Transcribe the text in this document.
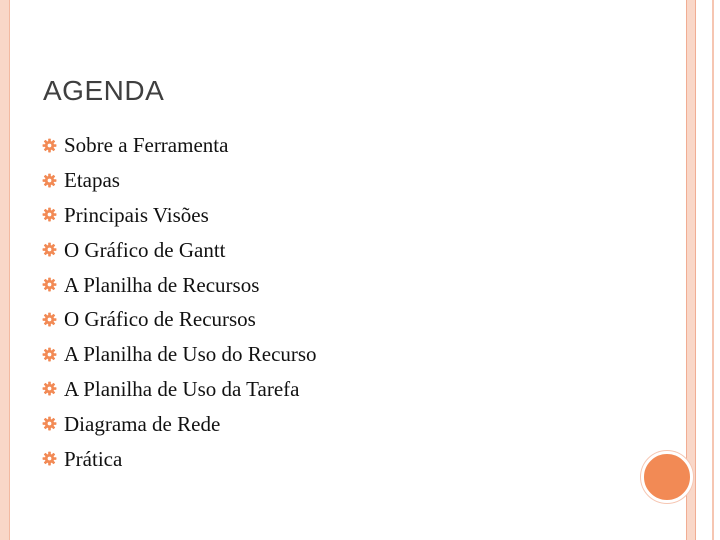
AGENDA
Sobre a Ferramenta
Etapas
Principais Visões
O Gráfico de Gantt
A Planilha de Recursos
O Gráfico de Recursos
A Planilha de Uso do Recurso
A Planilha de Uso da Tarefa
Diagrama de Rede
Prática
